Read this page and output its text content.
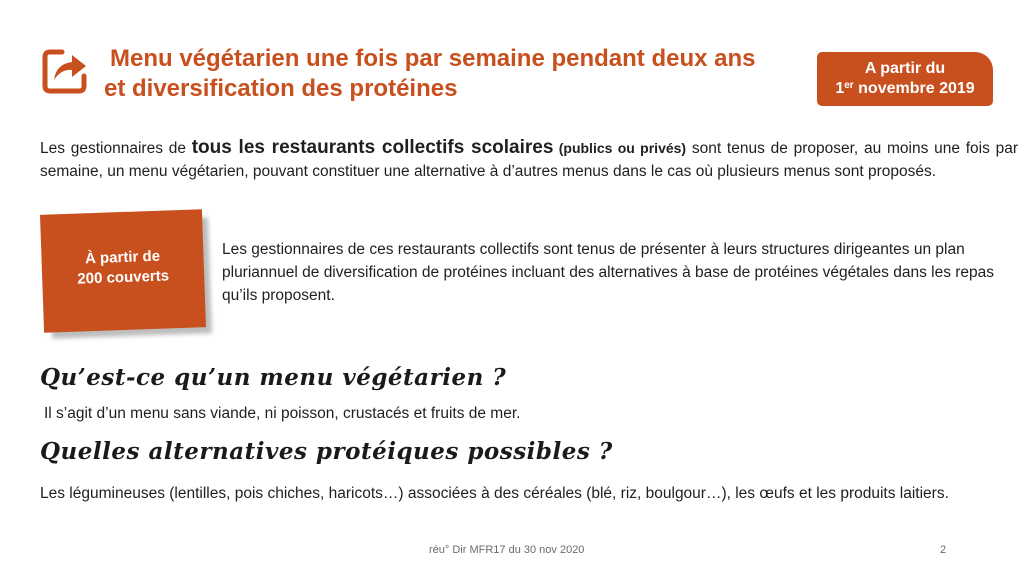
Menu végétarien une fois par semaine pendant deux ans
et diversification des protéines
A partir du
1er novembre 2019

Les gestionnaires de tous les restaurants collectifs scolaires (publics ou privés) sont tenus de proposer, au moins une fois par semaine, un menu végétarien, pouvant constituer une alternative à d’autres menus dans le cas où plusieurs menus sont proposés.

À partir de
200 couverts

Les gestionnaires de ces restaurants collectifs sont tenus de présenter à leurs structures dirigeantes un plan pluriannuel de diversification de protéines incluant des alternatives à base de protéines végétales dans les repas qu’ils proposent.

Qu’est-ce qu’un menu végétarien ?

Il s’agit d’un menu sans viande, ni poisson, crustacés et fruits de mer.

Quelles alternatives protéiques possibles ?

Les légumineuses (lentilles, pois chiches, haricots…) associées à des céréales (blé, riz, boulgour…), les œufs et les produits laitiers.

réu° Dir MFR17 du 30 nov 2020	2
